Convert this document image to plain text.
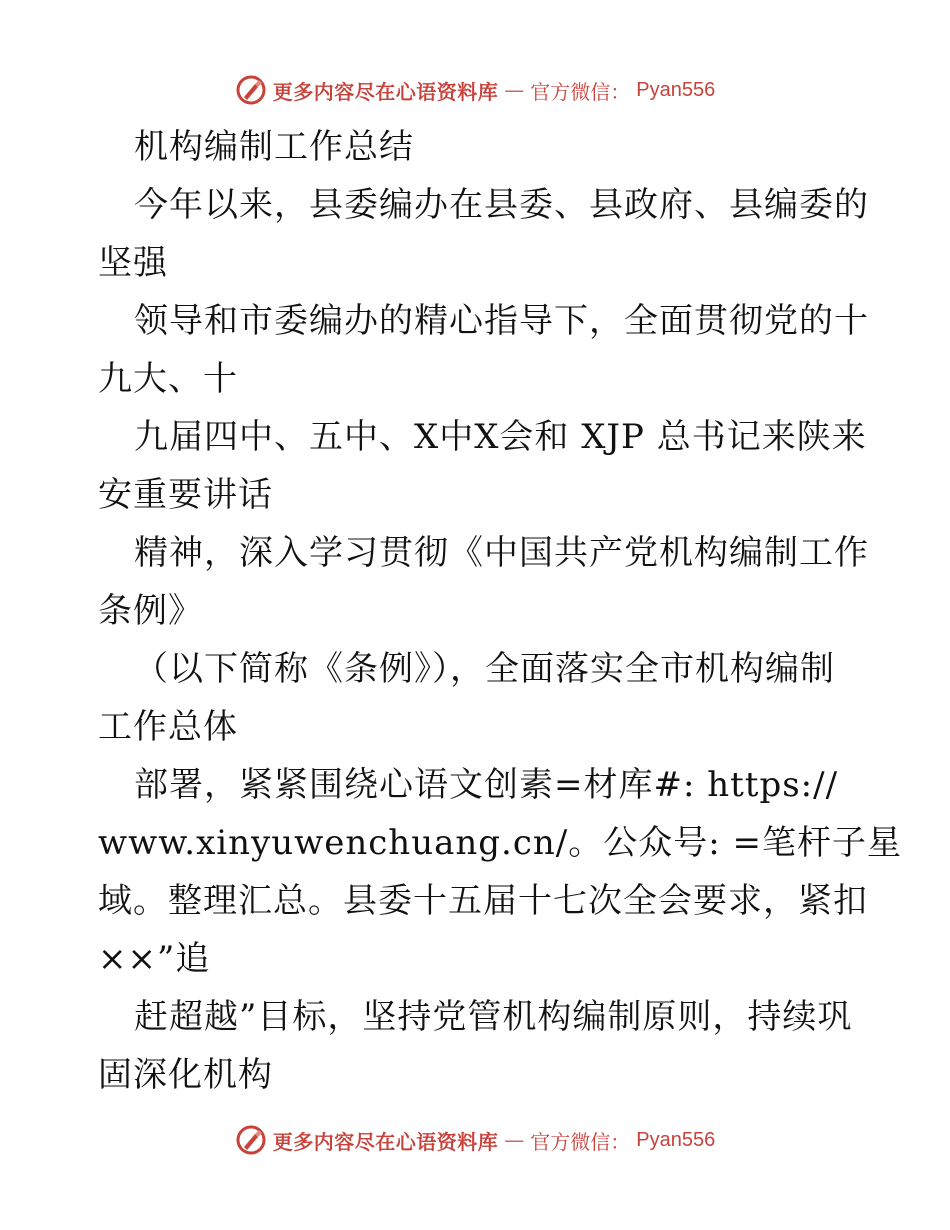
更多内容尽在心语资料库 — 官方微信： Pyan556
机构编制工作总结
今年以来，县委编办在县委、县政府、县编委的
坚强
领导和市委编办的精心指导下，全面贯彻党的十
九大、十
九届四中、五中、X中X会和 XJP 总书记来陕来
安重要讲话
精神，深入学习贯彻《中国共产党机构编制工作
条例》
（以下简称《条例》），全面落实全市机构编制
工作总体
部署，紧紧围绕心语文创素=材库#: https://
www.xinyuwenchuang.cn/。公众号: =笔杆子星
域。整理汇总。县委十五届十七次全会要求，紧扣
××”追
赶超越”目标，坚持党管机构编制原则，持续巩
固深化机构
更多内容尽在心语资料库 — 官方微信： Pyan556
